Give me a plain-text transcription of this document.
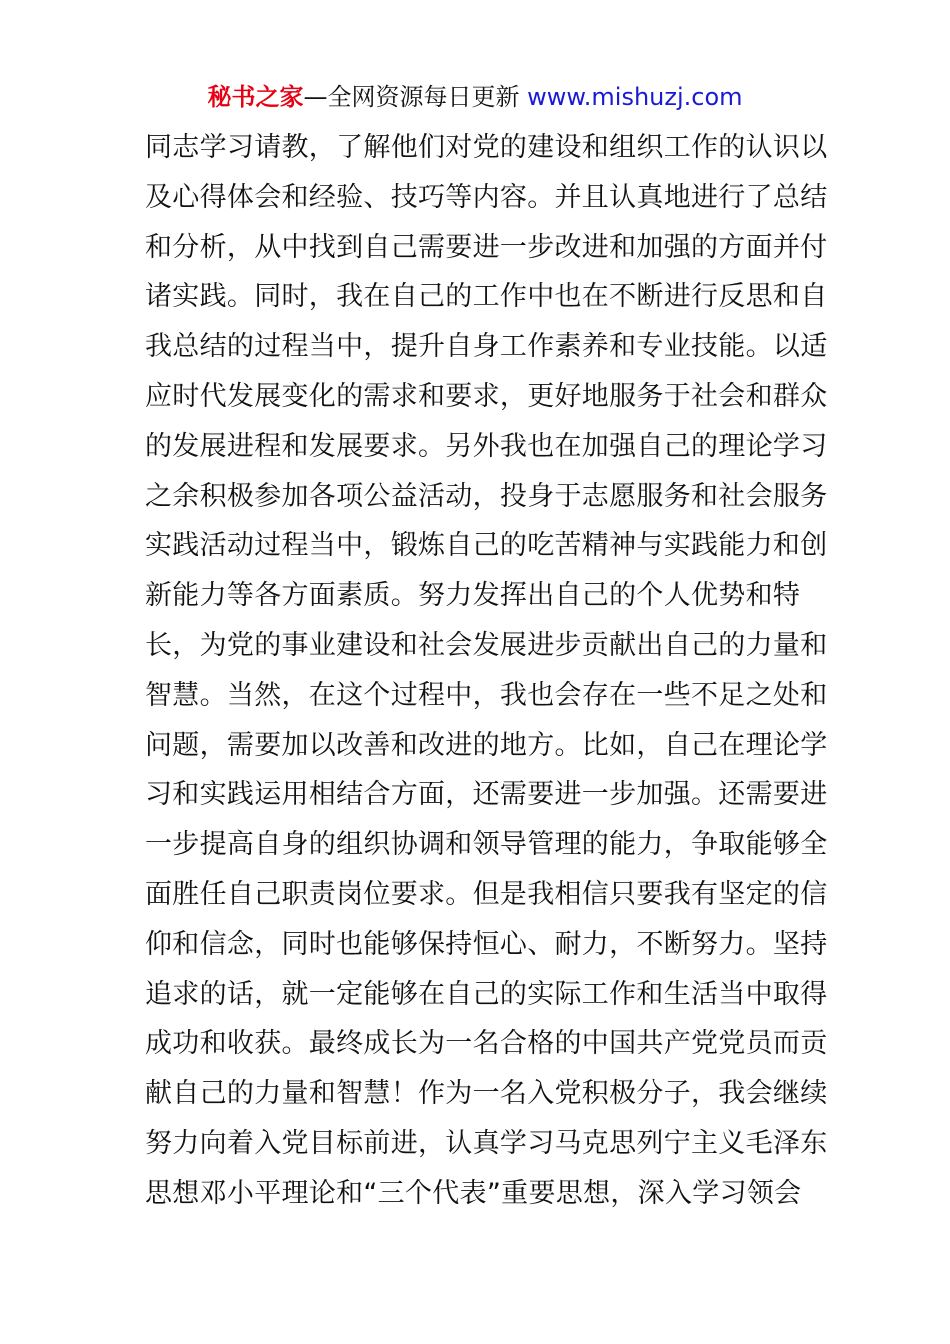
秘书之家—全网资源每日更新 www.mishuzj.com
同志学习请教，了解他们对党的建设和组织工作的认识以
及心得体会和经验、技巧等内容。并且认真地进行了总结
和分析，从中找到自己需要进一步改进和加强的方面并付
诸实践。同时，我在自己的工作中也在不断进行反思和自
我总结的过程当中，提升自身工作素养和专业技能。以适
应时代发展变化的需求和要求，更好地服务于社会和群众
的发展进程和发展要求。另外我也在加强自己的理论学习
之余积极参加各项公益活动，投身于志愿服务和社会服务
实践活动过程当中，锻炼自己的吃苦精神与实践能力和创
新能力等各方面素质。努力发挥出自己的个人优势和特
长，为党的事业建设和社会发展进步贡献出自己的力量和
智慧。当然，在这个过程中，我也会存在一些不足之处和
问题，需要加以改善和改进的地方。比如，自己在理论学
习和实践运用相结合方面，还需要进一步加强。还需要进
一步提高自身的组织协调和领导管理的能力，争取能够全
面胜任自己职责岗位要求。但是我相信只要我有坚定的信
仰和信念，同时也能够保持恒心、耐力，不断努力。坚持
追求的话，就一定能够在自己的实际工作和生活当中取得
成功和收获。最终成长为一名合格的中国共产党党员而贡
献自己的力量和智慧！作为一名入党积极分子，我会继续
努力向着入党目标前进，认真学习马克思列宁主义毛泽东
思想邓小平理论和“三个代表”重要思想，深入学习领会
